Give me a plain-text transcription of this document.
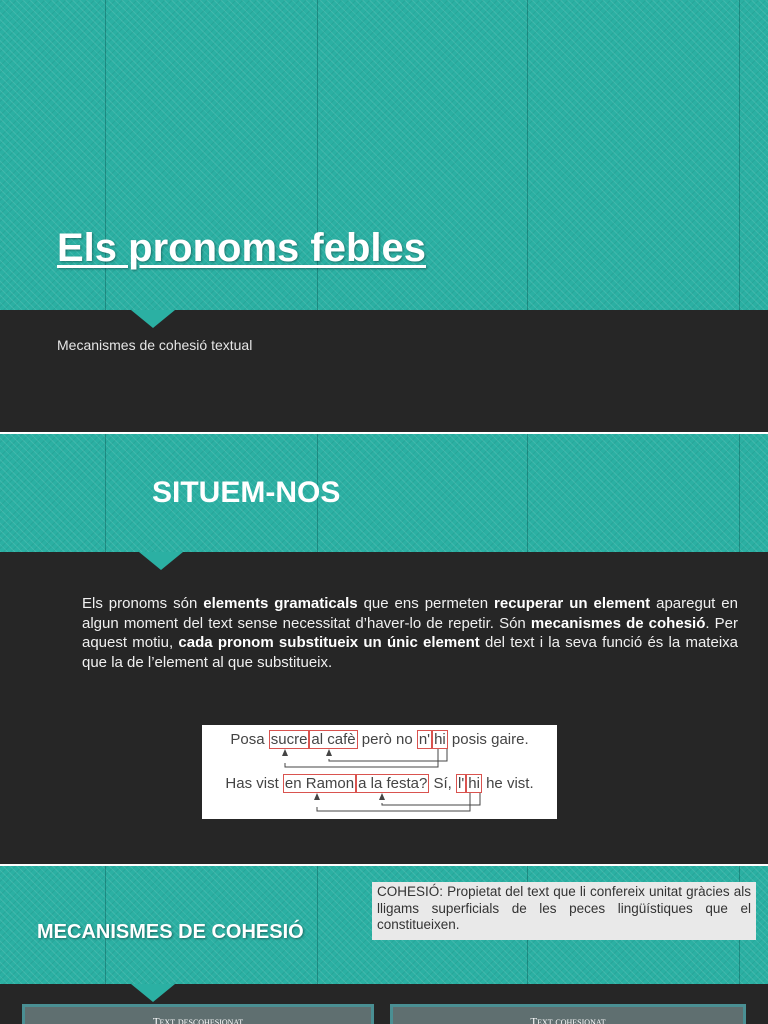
Els pronoms febles
Mecanismes de cohesió textual
SITUEM-NOS
Els pronoms són elements gramaticals que ens permeten recuperar un element aparegut en algun moment del text sense necessitat d’haver-lo de repetir. Són mecanismes de cohesió. Per aquest motiu, cada pronom substitueix un únic element del text i la seva funció és la mateixa que la de l’element al que substitueix.
Posa sucre al cafè però no n' hi posis gaire.
Has vist en Ramon a la festa? Sí, l' hi he vist.
MECANISMES DE COHESIÓ
COHESIÓ: Propietat del text que li confereix unitat gràcies als lligams superficials de les peces lingüístiques que el constitueixen.
Text descohesionat	Text cohesionat
